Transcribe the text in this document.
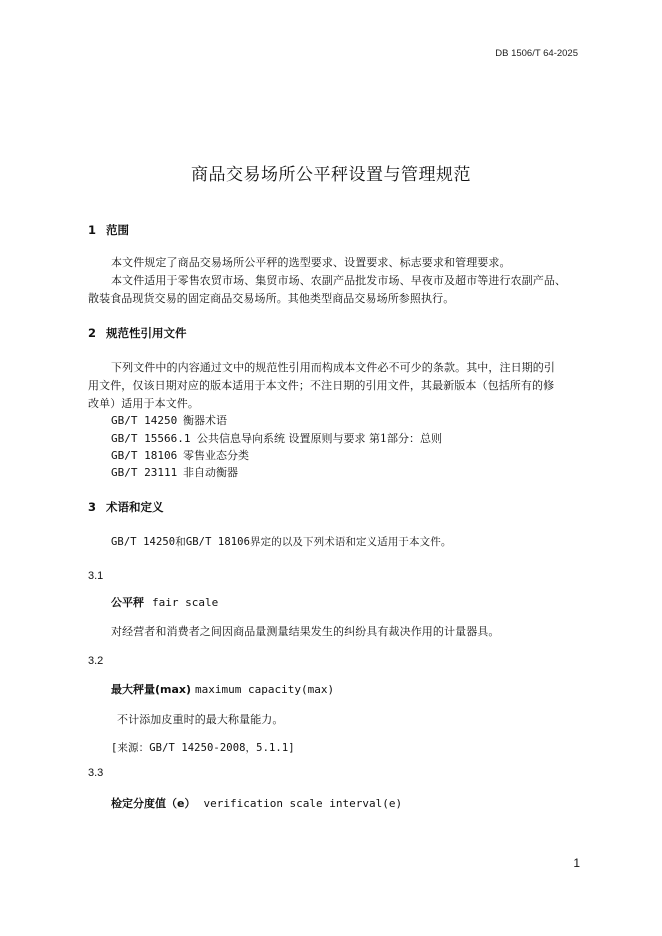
DB 1506/T 64-2025
商品交易场所公平秤设置与管理规范
1 范围
本文件规定了商品交易场所公平秤的选型要求、设置要求、标志要求和管理要求。
本文件适用于零售农贸市场、集贸市场、农副产品批发市场、早夜市及超市等进行农副产品、
散装食品现货交易的固定商品交易场所。其他类型商品交易场所参照执行。
2 规范性引用文件
下列文件中的内容通过文中的规范性引用而构成本文件必不可少的条款。其中，注日期的引
用文件，仅该日期对应的版本适用于本文件；不注日期的引用文件，其最新版本（包括所有的修
改单）适用于本文件。
GB/T 14250 衡器术语
GB/T 15566.1 公共信息导向系统 设置原则与要求 第1部分：总则
GB/T 18106 零售业态分类
GB/T 23111 非自动衡器
3 术语和定义
GB/T 14250和GB/T 18106界定的以及下列术语和定义适用于本文件。
3.1
公平秤 fair scale
对经营者和消费者之间因商品量测量结果发生的纠纷具有裁决作用的计量器具。
3.2
最大秤量(max) maximum capacity(max)
不计添加皮重时的最大称量能力。
[来源：GB/T 14250-2008，5.1.1]
3.3
检定分度值（e） verification scale interval(e)
1
